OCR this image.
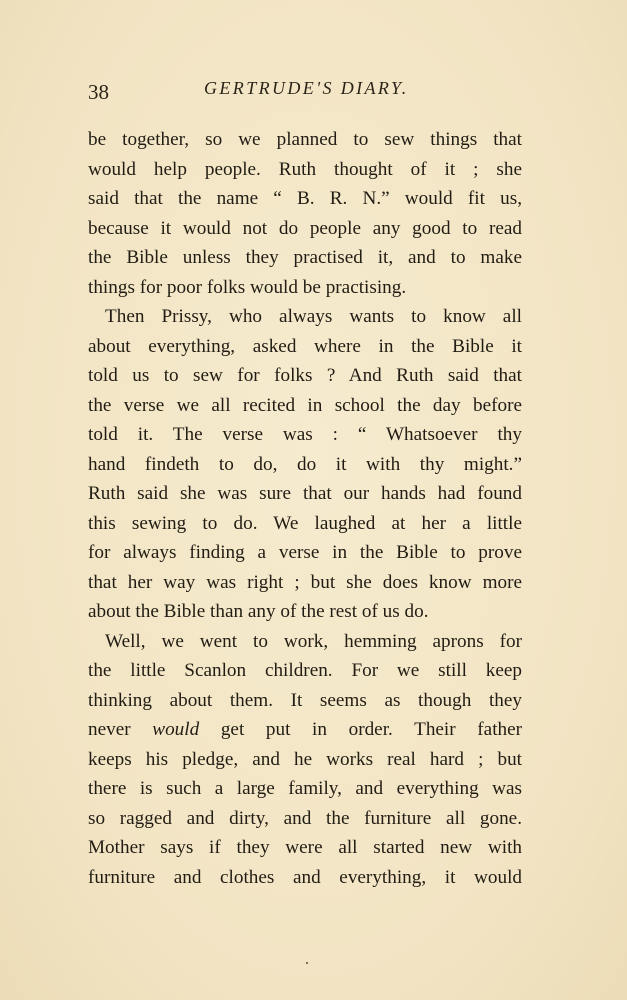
38	GERTRUDE'S DIARY.
be together, so we planned to sew things that
would help people. Ruth thought of it ; she
said that the name “ B. R. N.” would fit us,
because it would not do people any good to read
the Bible unless they practised it, and to make
things for poor folks would be practising.
Then Prissy, who always wants to know all
about everything, asked where in the Bible it
told us to sew for folks ? And Ruth said that
the verse we all recited in school the day before
told it. The verse was : “ Whatsoever thy
hand findeth to do, do it with thy might.”
Ruth said she was sure that our hands had found
this sewing to do. We laughed at her a little
for always finding a verse in the Bible to prove
that her way was right ; but she does know more
about the Bible than any of the rest of us do.
Well, we went to work, hemming aprons for
the little Scanlon children. For we still keep
thinking about them. It seems as though they
never would get put in order. Their father
keeps his pledge, and he works real hard ; but
there is such a large family, and everything was
so ragged and dirty, and the furniture all gone.
Mother says if they were all started new with
furniture and clothes and everything, it would
